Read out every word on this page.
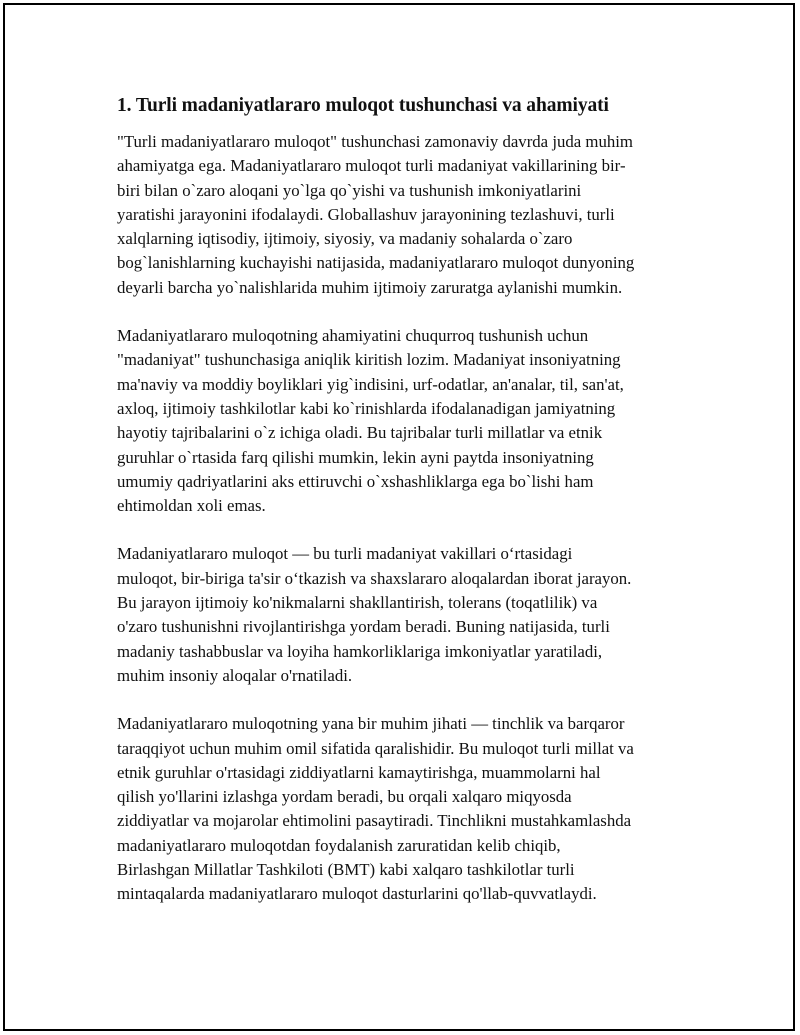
1. Turli madaniyatlararo muloqot tushunchasi va ahamiyati

"Turli madaniyatlararo muloqot" tushunchasi zamonaviy davrda juda muhim
ahamiyatga ega. Madaniyatlararo muloqot turli madaniyat vakillarining bir-
biri bilan o`zaro aloqani yo`lga qo`yishi va tushunish imkoniyatlarini
yaratishi jarayonini ifodalaydi. Globallashuv jarayonining tezlashuvi, turli
xalqlarning iqtisodiy, ijtimoiy, siyosiy, va madaniy sohalarda o`zaro
bog`lanishlarning kuchayishi natijasida, madaniyatlararo muloqot dunyoning
deyarli barcha yo`nalishlarida muhim ijtimoiy zaruratga aylanishi mumkin.

Madaniyatlararo muloqotning ahamiyatini chuqurroq tushunish uchun
"madaniyat" tushunchasiga aniqlik kiritish lozim. Madaniyat insoniyatning
ma'naviy va moddiy boyliklari yig`indisini, urf-odatlar, an'analar, til, san'at,
axloq, ijtimoiy tashkilotlar kabi ko`rinishlarda ifodalanadigan jamiyatning
hayotiy tajribalarini o`z ichiga oladi. Bu tajribalar turli millatlar va etnik
guruhlar o`rtasida farq qilishi mumkin, lekin ayni paytda insoniyatning
umumiy qadriyatlarini aks ettiruvchi o`xshashliklarga ega bo`lishi ham
ehtimoldan xoli emas.

Madaniyatlararo muloqot — bu turli madaniyat vakillari o‘rtasidagi
muloqot, bir-biriga ta'sir o‘tkazish va shaxslararo aloqalardan iborat jarayon.
Bu jarayon ijtimoiy ko'nikmalarni shakllantirish, tolerans (toqatlilik) va
o'zaro tushunishni rivojlantirishga yordam beradi. Buning natijasida, turli
madaniy tashabbuslar va loyiha hamkorliklariga imkoniyatlar yaratiladi,
muhim insoniy aloqalar o'rnatiladi.

Madaniyatlararo muloqotning yana bir muhim jihati — tinchlik va barqaror
taraqqiyot uchun muhim omil sifatida qaralishidir. Bu muloqot turli millat va
etnik guruhlar o'rtasidagi ziddiyatlarni kamaytirishga, muammolarni hal
qilish yo'llarini izlashga yordam beradi, bu orqali xalqaro miqyosda
ziddiyatlar va mojarolar ehtimolini pasaytiradi. Tinchlikni mustahkamlashda
madaniyatlararo muloqotdan foydalanish zaruratidan kelib chiqib,
Birlashgan Millatlar Tashkiloti (BMT) kabi xalqaro tashkilotlar turli
mintaqalarda madaniyatlararo muloqot dasturlarini qo'llab-quvvatlaydi.
